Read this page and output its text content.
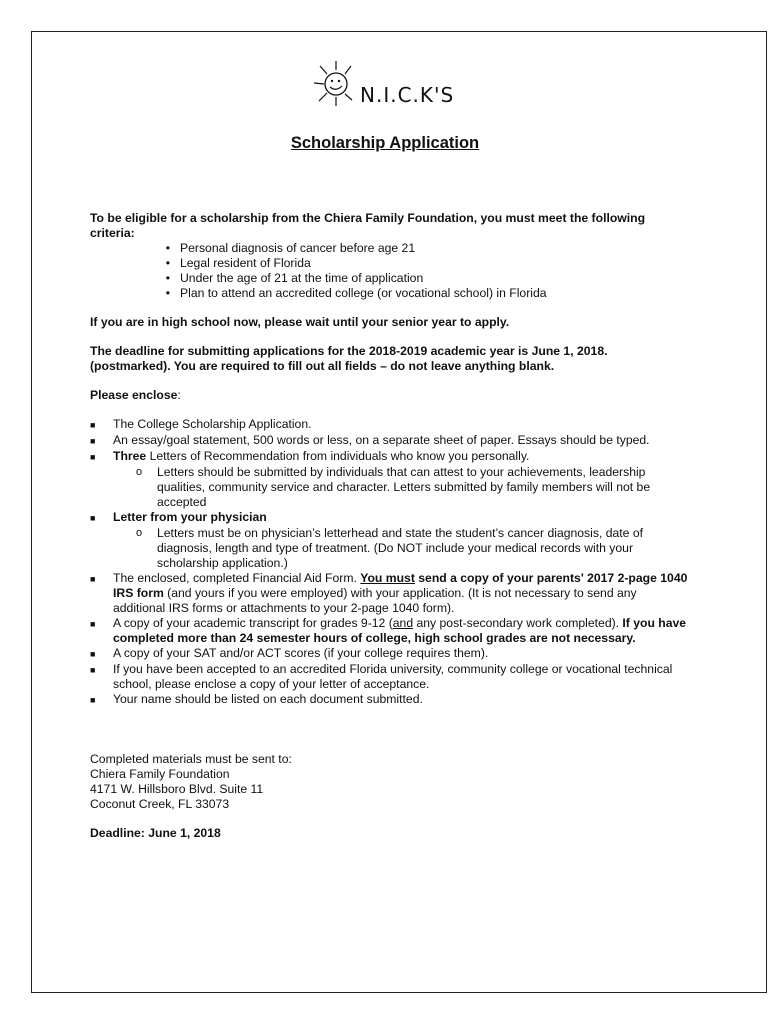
N.I.C.K'S
Scholarship Application

To be eligible for a scholarship from the Chiera Family Foundation, you must meet the following criteria:

• Personal diagnosis of cancer before age 21
• Legal resident of Florida
• Under the age of 21 at the time of application
• Plan to attend an accredited college (or vocational school) in Florida

If you are in high school now, please wait until your senior year to apply.

The deadline for submitting applications for the 2018-2019 academic year is June 1, 2018. (postmarked). You are required to fill out all fields – do not leave anything blank.

Please enclose:

■	The College Scholarship Application.
■	An essay/goal statement, 500 words or less, on a separate sheet of paper. Essays should be typed.
■	Three Letters of Recommendation from individuals who know you personally.
o	Letters should be submitted by individuals that can attest to your achievements, leadership qualities, community service and character. Letters submitted by family members will not be accepted
■	Letter from your physician
o	Letters must be on physician’s letterhead and state the student’s cancer diagnosis, date of diagnosis, length and type of treatment. (Do NOT include your medical records with your scholarship application.)
■	The enclosed, completed Financial Aid Form. You must send a copy of your parents' 2017 2-page 1040 IRS form (and yours if you were employed) with your application. (It is not necessary to send any additional IRS forms or attachments to your 2-page 1040 form).
■	A copy of your academic transcript for grades 9-12 (and any post-secondary work completed). If you have completed more than 24 semester hours of college, high school grades are not necessary.
■	A copy of your SAT and/or ACT scores (if your college requires them).
■	If you have been accepted to an accredited Florida university, community college or vocational technical school, please enclose a copy of your letter of acceptance.
■	Your name should be listed on each document submitted.

Completed materials must be sent to:

Chiera Family Foundation

4171 W. Hillsboro Blvd. Suite 11

Coconut Creek, FL 33073

Deadline: June 1, 2018
